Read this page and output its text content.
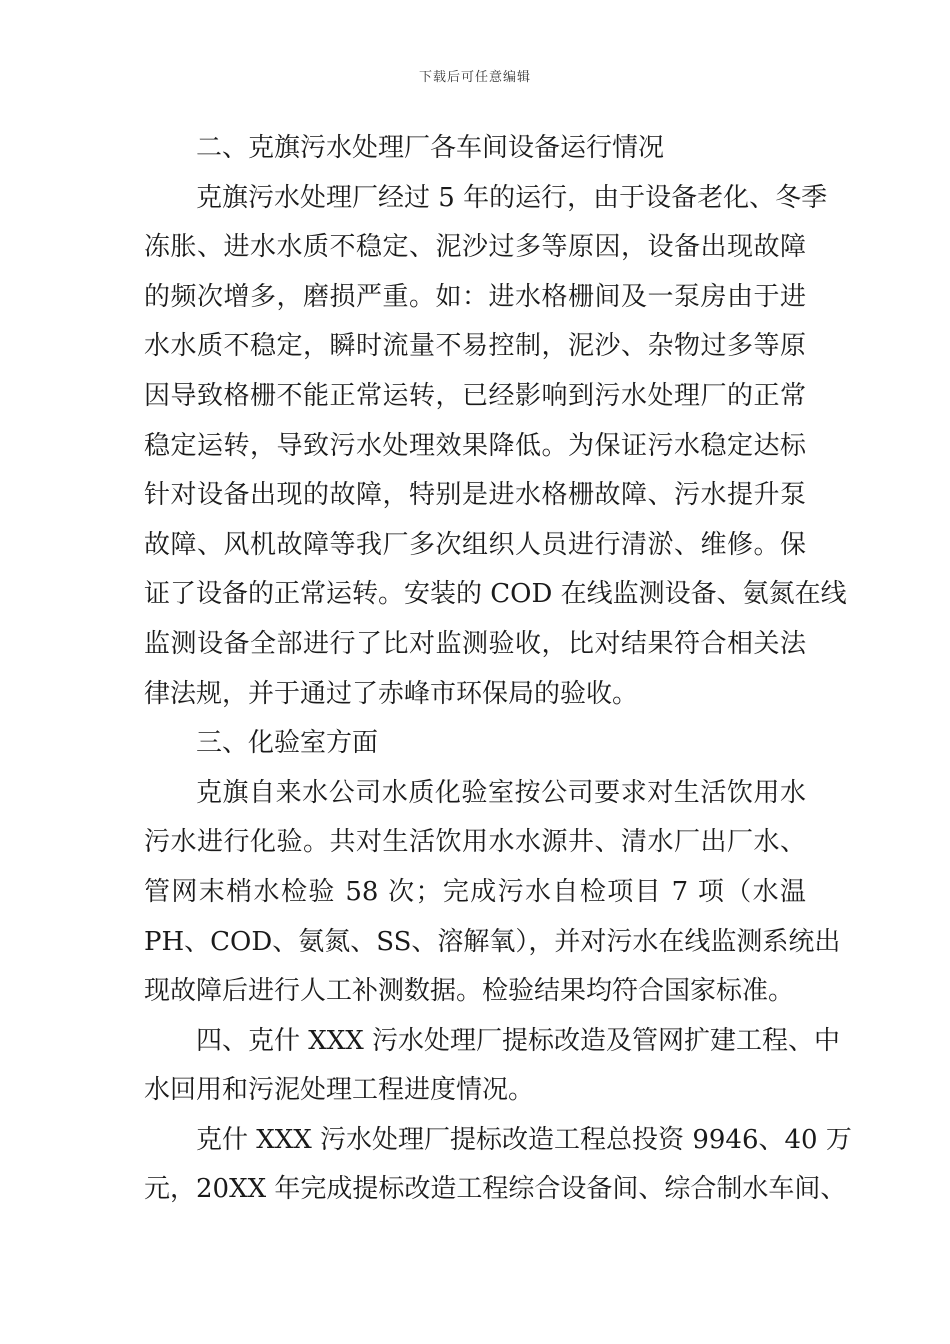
下载后可任意编辑
二、克旗污水处理厂各车间设备运行情况
克旗污水处理厂经过 5 年的运行，由于设备老化、冬季
冻胀、进水水质不稳定、泥沙过多等原因，设备出现故障
的频次增多，磨损严重。如：进水格栅间及一泵房由于进
水水质不稳定，瞬时流量不易控制，泥沙、杂物过多等原
因导致格栅不能正常运转，已经影响到污水处理厂的正常
稳定运转，导致污水处理效果降低。为保证污水稳定达标
针对设备出现的故障，特别是进水格栅故障、污水提升泵
故障、风机故障等我厂多次组织人员进行清淤、维修。保
证了设备的正常运转。安装的 COD 在线监测设备、氨氮在线
监测设备全部进行了比对监测验收，比对结果符合相关法
律法规，并于通过了赤峰市环保局的验收。
三、化验室方面
克旗自来水公司水质化验室按公司要求对生活饮用水
污水进行化验。共对生活饮用水水源井、清水厂出厂水、
管网末梢水检验 58 次；完成污水自检项目 7 项（水温
PH、COD、氨氮、SS、溶解氧），并对污水在线监测系统出
现故障后进行人工补测数据。检验结果均符合国家标准。
四、克什 XXX 污水处理厂提标改造及管网扩建工程、中
水回用和污泥处理工程进度情况。
克什 XXX 污水处理厂提标改造工程总投资 9946、40 万
元，20XX 年完成提标改造工程综合设备间、综合制水车间、
